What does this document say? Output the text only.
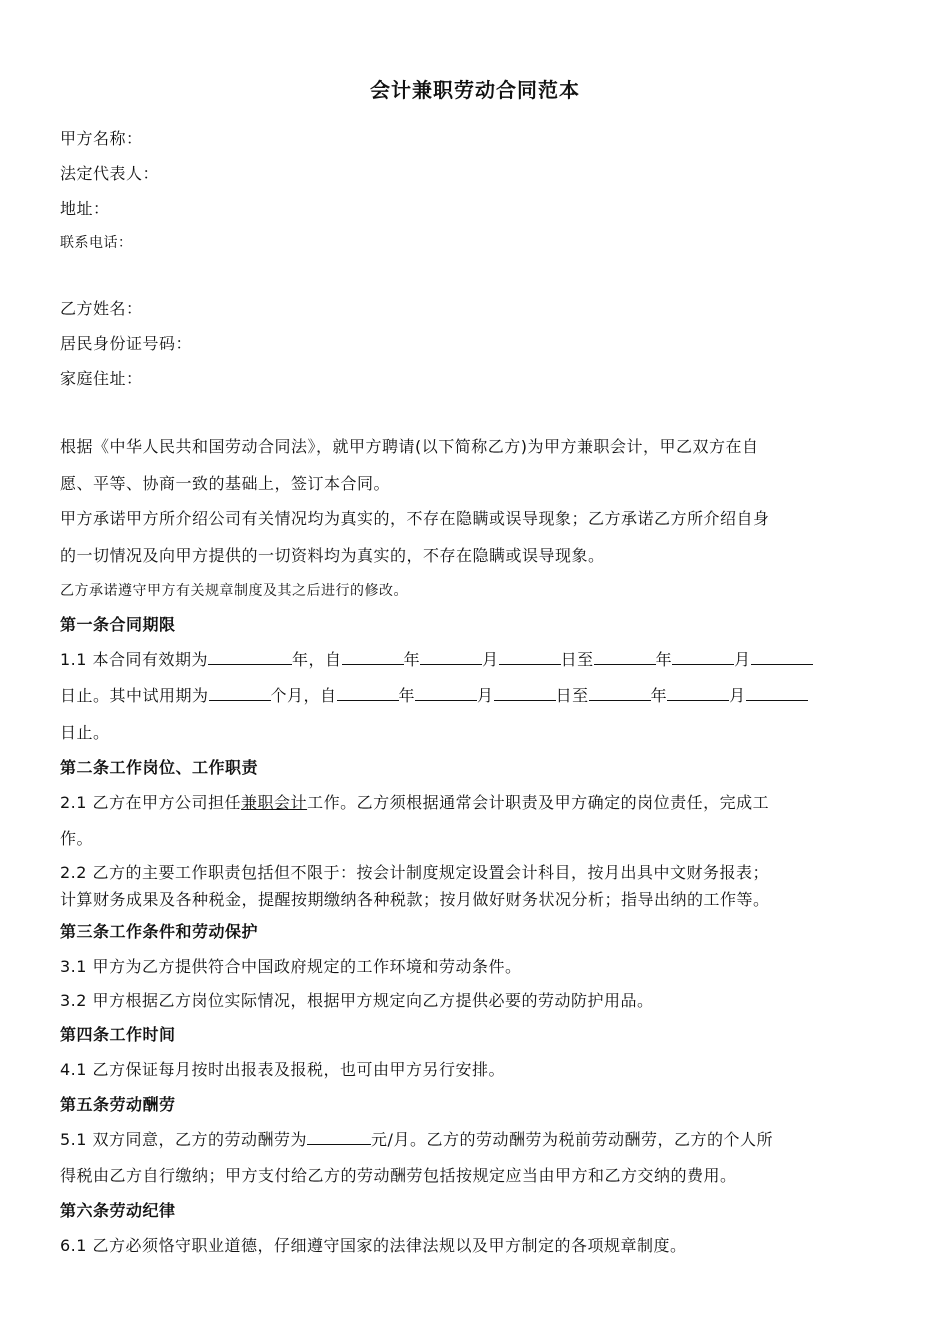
会计兼职劳动合同范本
甲方名称：
法定代表人：
地址：
联系电话：
乙方姓名：
居民身份证号码：
家庭住址：
根据《中华人民共和国劳动合同法》，就甲方聘请(以下简称乙方)为甲方兼职会计，甲乙双方在自
愿、平等、协商一致的基础上，签订本合同。
甲方承诺甲方所介绍公司有关情况均为真实的，不存在隐瞒或误导现象；乙方承诺乙方所介绍自身
的一切情况及向甲方提供的一切资料均为真实的，不存在隐瞒或误导现象。
乙方承诺遵守甲方有关规章制度及其之后进行的修改。
第一条合同期限
1.1 本合同有效期为	年，自	年	月	日至	年	月
日止。其中试用期为	个月，自	年	月	日至	年	月
日止。
第二条工作岗位、工作职责
2.1 乙方在甲方公司担任兼职会计工作。乙方须根据通常会计职责及甲方确定的岗位责任，完成工
作。
2.2 乙方的主要工作职责包括但不限于：按会计制度规定设置会计科目，按月出具中文财务报表；
计算财务成果及各种税金，提醒按期缴纳各种税款；按月做好财务状况分析；指导出纳的工作等。
第三条工作条件和劳动保护
3.1 甲方为乙方提供符合中国政府规定的工作环境和劳动条件。
3.2 甲方根据乙方岗位实际情况，根据甲方规定向乙方提供必要的劳动防护用品。
第四条工作时间
4.1 乙方保证每月按时出报表及报税，也可由甲方另行安排。
第五条劳动酬劳
5.1 双方同意，乙方的劳动酬劳为	元/月。乙方的劳动酬劳为税前劳动酬劳，乙方的个人所
得税由乙方自行缴纳；甲方支付给乙方的劳动酬劳包括按规定应当由甲方和乙方交纳的费用。
第六条劳动纪律
6.1 乙方必须恪守职业道德，仔细遵守国家的法律法规以及甲方制定的各项规章制度。
